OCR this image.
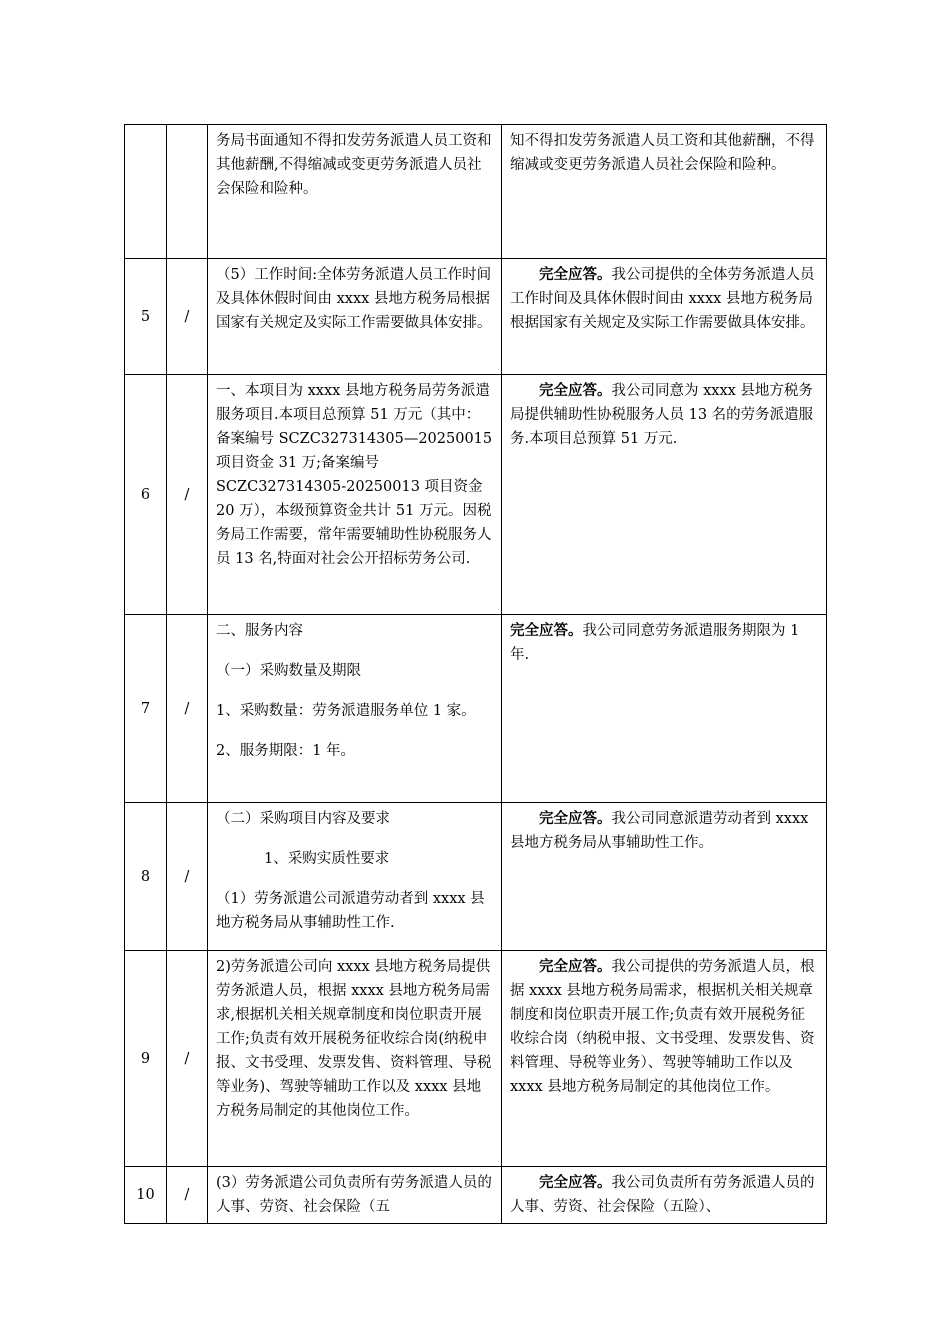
		务局书面通知不得扣发劳务派遣人员工资和其他薪酬,不得缩减或变更劳务派遣人员社会保险和险种。	知不得扣发劳务派遣人员工资和其他薪酬，不得缩减或变更劳务派遣人员社会保险和险种。

5	/	（5）工作时间:全体劳务派遣人员工作时间及具体休假时间由 xxxx 县地方税务局根据国家有关规定及实际工作需要做具体安排。	完全应答。我公司提供的全体劳务派遣人员工作时间及具体休假时间由 xxxx 县地方税务局根据国家有关规定及实际工作需要做具体安排。

6	/	一、本项目为 xxxx 县地方税务局劳务派遣服务项目.本项目总预算 51 万元（其中：备案编号 SCZC327314305—20250015 项目资金 31 万;备案编号 SCZC327314305-20250013 项目资金 20 万），本级预算资金共计 51 万元。因税务局工作需要，常年需要辅助性协税服务人员 13 名,特面对社会公开招标劳务公司.	完全应答。我公司同意为 xxxx 县地方税务局提供辅助性协税服务人员 13 名的劳务派遣服务.本项目总预算 51 万元.

7	/	二、服务内容

（一）采购数量及期限

1、采购数量：劳务派遣服务单位 1 家。

2、服务期限：1 年。	完全应答。我公司同意劳务派遣服务期限为 1 年.

8	/	（二）采购项目内容及要求

1、采购实质性要求

（1）劳务派遣公司派遣劳动者到 xxxx 县地方税务局从事辅助性工作.	完全应答。我公司同意派遣劳动者到 xxxx 县地方税务局从事辅助性工作。

9	/	2)劳务派遣公司向 xxxx 县地方税务局提供劳务派遣人员，根据 xxxx 县地方税务局需求,根据机关相关规章制度和岗位职责开展工作;负责有效开展税务征收综合岗(纳税申报、文书受理、发票发售、资料管理、导税等业务)、驾驶等辅助工作以及 xxxx 县地方税务局制定的其他岗位工作。	完全应答。我公司提供的劳务派遣人员，根据 xxxx 县地方税务局需求，根据机关相关规章制度和岗位职责开展工作;负责有效开展税务征收综合岗（纳税申报、文书受理、发票发售、资料管理、导税等业务）、驾驶等辅助工作以及 xxxx 县地方税务局制定的其他岗位工作。

10	/	(3）劳务派遣公司负责所有劳务派遣人员的人事、劳资、社会保险（五	完全应答。我公司负责所有劳务派遣人员的人事、劳资、社会保险（五险）、
